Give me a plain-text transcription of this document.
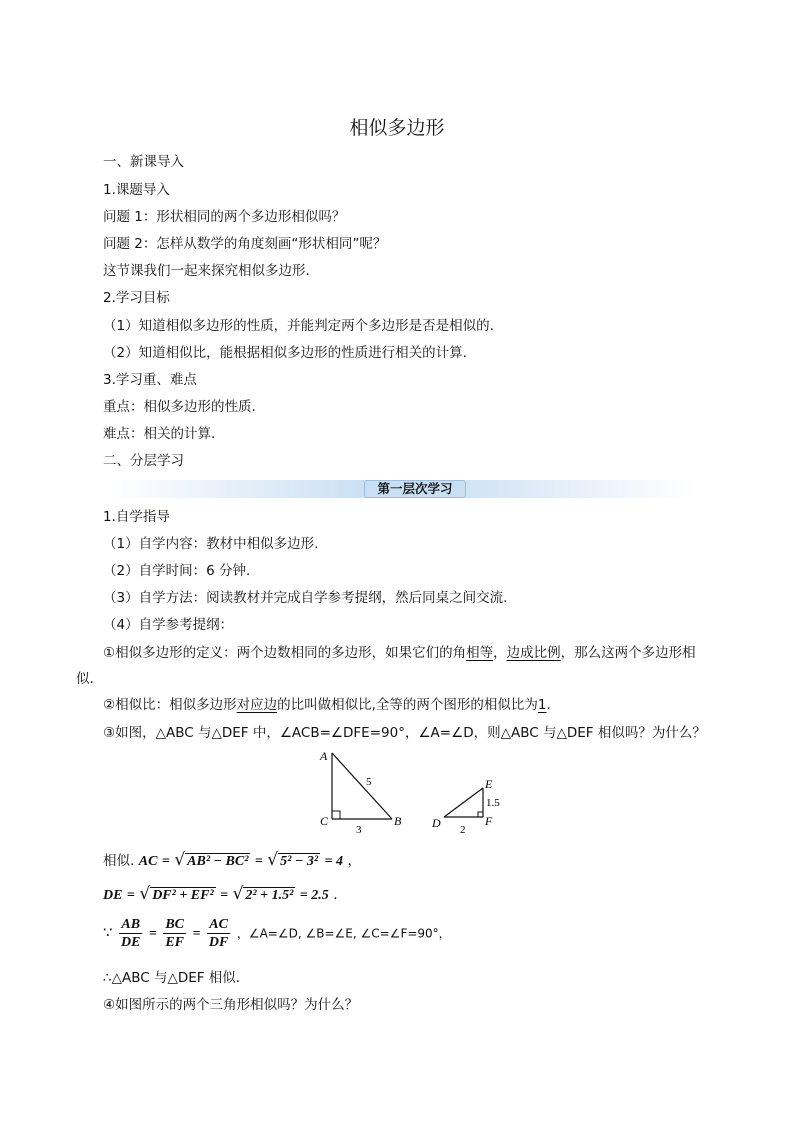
相似多边形
一、新课导入
1.课题导入
问题 1：形状相同的两个多边形相似吗？
问题 2：怎样从数学的角度刻画“形状相同”呢？
这节课我们一起来探究相似多边形.
2.学习目标
（1）知道相似多边形的性质，并能判定两个多边形是否是相似的.
（2）知道相似比，能根据相似多边形的性质进行相关的计算.
3.学习重、难点
重点：相似多边形的性质.
难点：相关的计算.
二、分层学习
第一层次学习
1.自学指导
（1）自学内容：教材中相似多边形.
（2）自学时间：6 分钟.
（3）自学方法：阅读教材并完成自学参考提纲，然后同桌之间交流.
（4）自学参考提纲：
①相似多边形的定义：两个边数相同的多边形，如果它们的角相等，边成比例，那么这两个多边形相
似.
②相似比：相似多边形对应边的比叫做相似比,全等的两个图形的相似比为1.
③如图，△ABC 与△DEF 中，∠ACB=∠DFE=90°，∠A=∠D，则△ABC 与△DEF 相似吗？为什么？
A
C	B
5
3	D
E
F
1.5
2
相似. AC = √ AB² − BC² = √ 5² − 3² = 4 ，
DE = √ DF² + EF² = √ 2² + 1.5² = 2.5 .
∵ $\frac{AB}{DE} = \frac{BC}{EF} = \frac{AC}{DF}$ ，∠A=∠D, ∠B=∠E, ∠C=∠F=90°，
∴△ABC 与△DEF 相似.
④如图所示的两个三角形相似吗？为什么？
